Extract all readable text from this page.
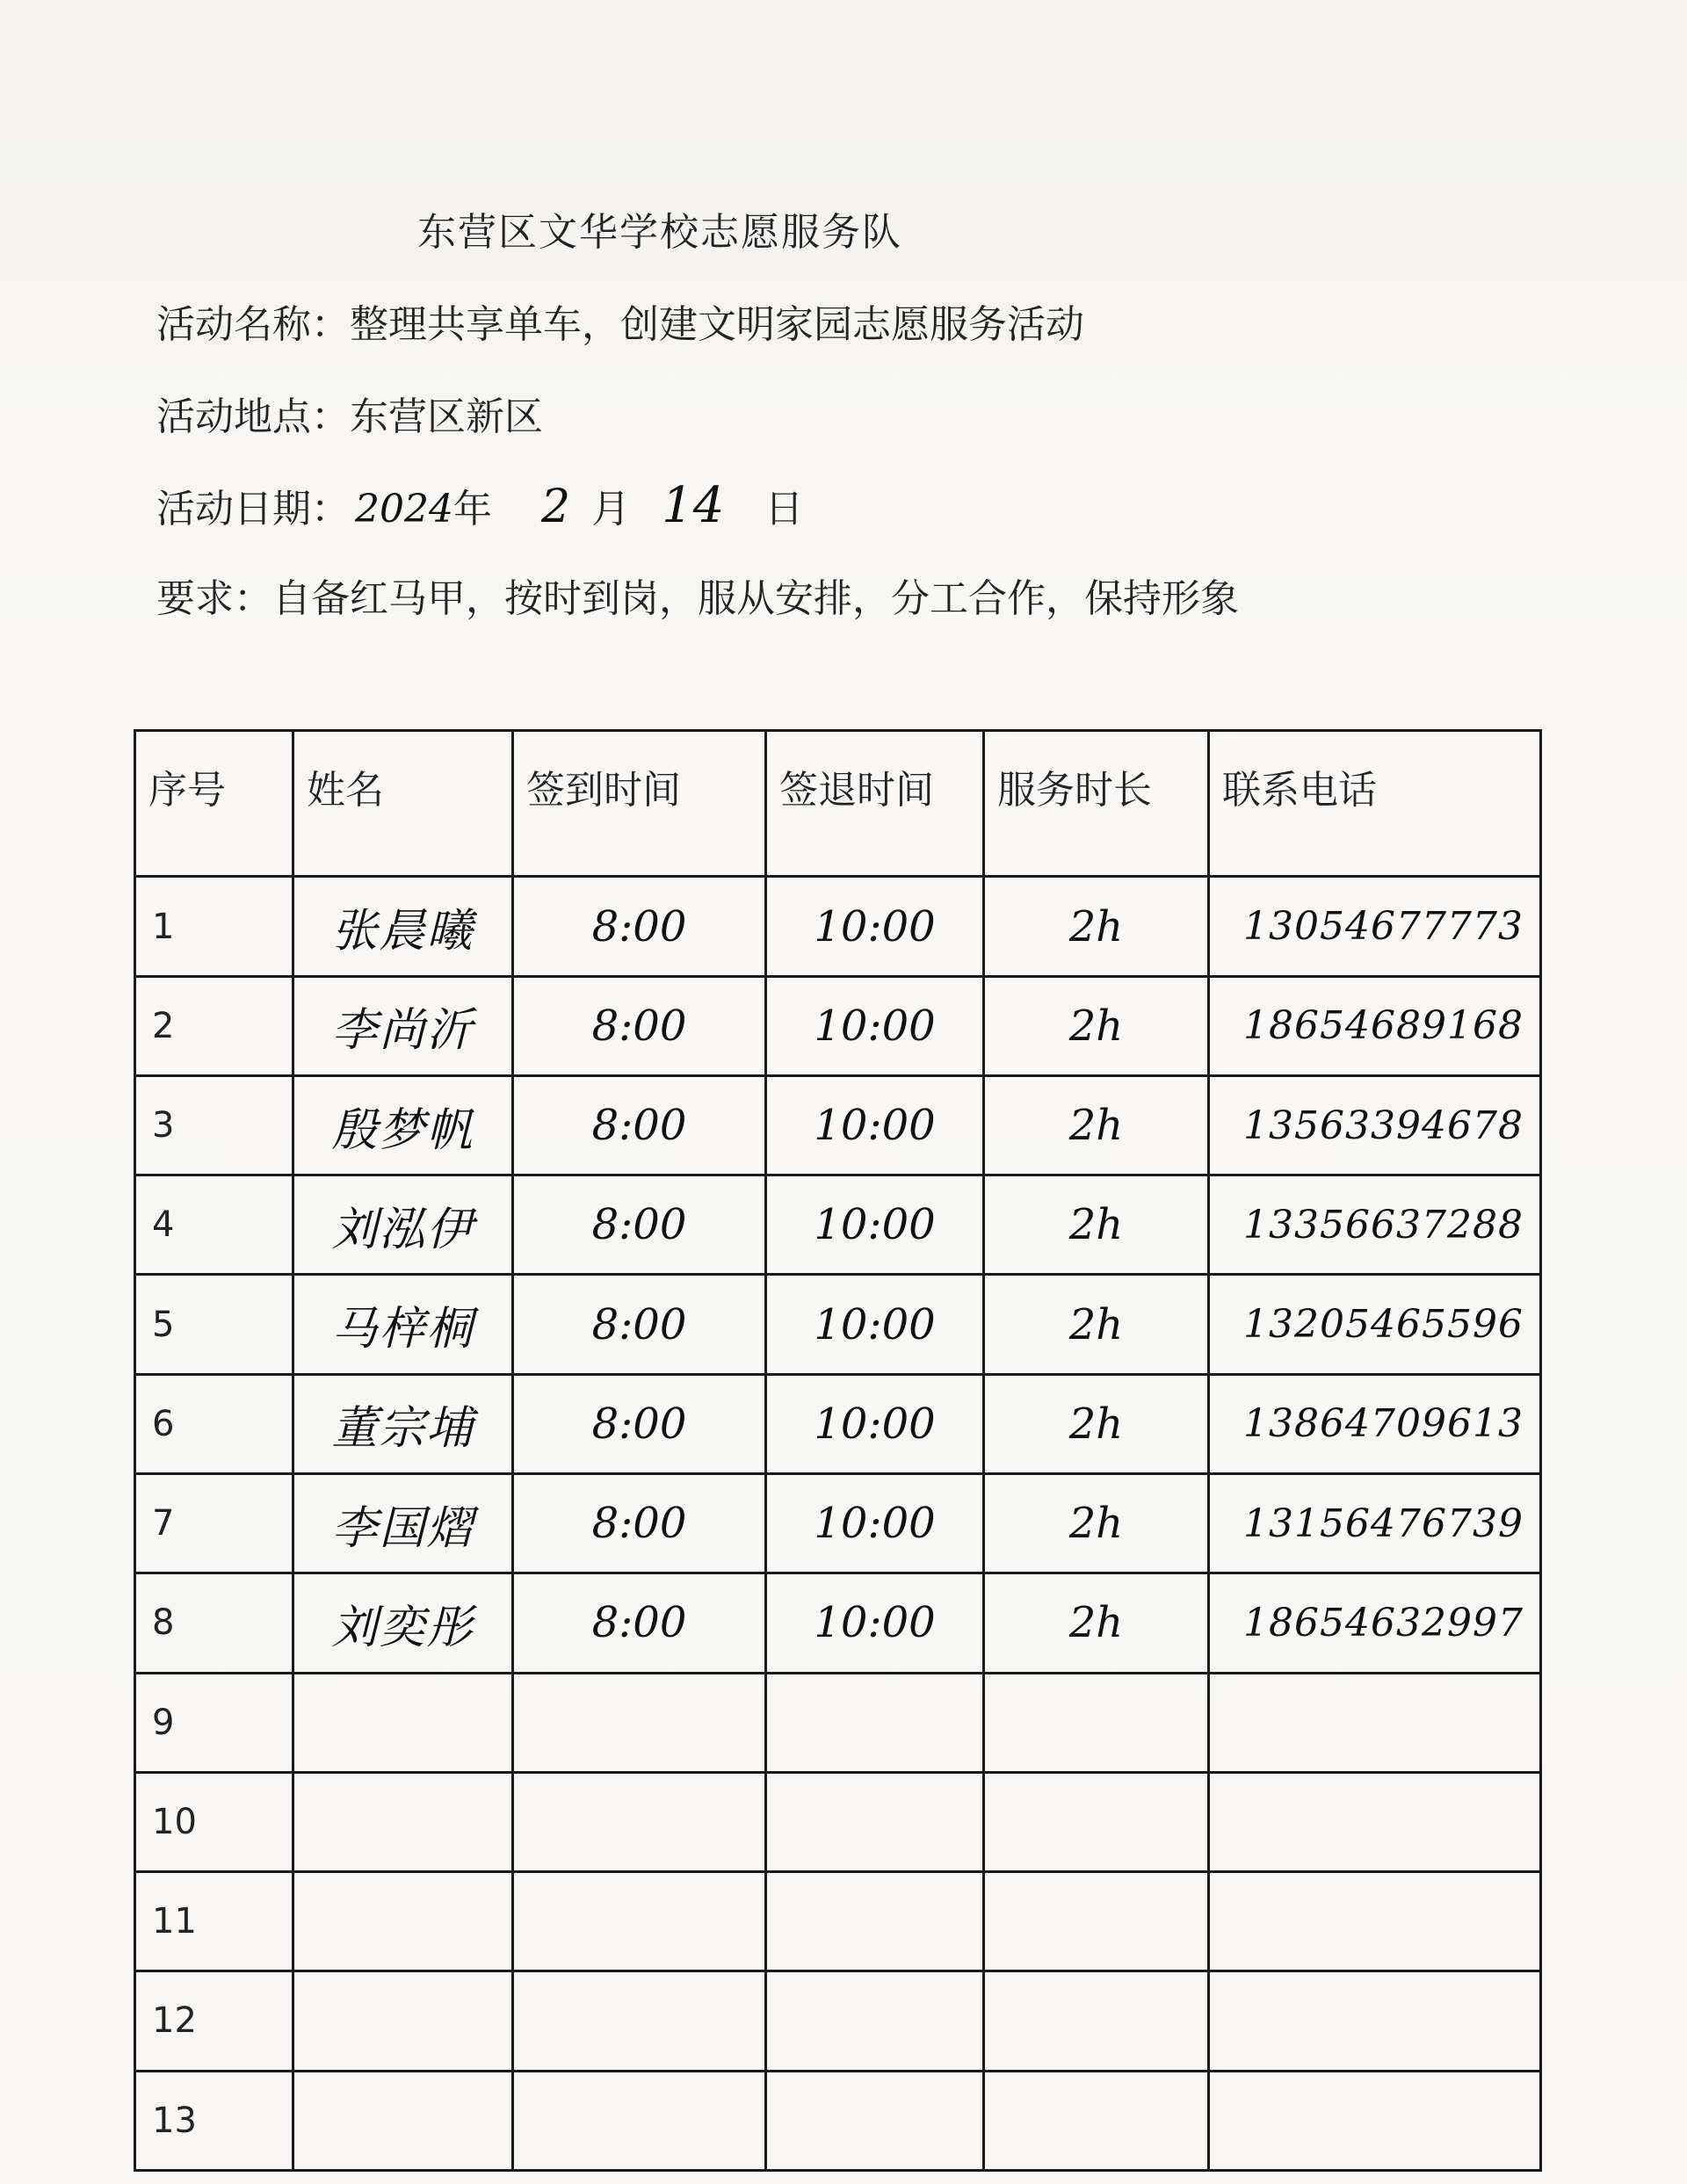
东营区文华学校志愿服务队
活动名称：整理共享单车，创建文明家园志愿服务活动
活动地点：东营区新区
活动日期： 2024年 2 月 14 日
要求：自备红马甲，按时到岗，服从安排，分工合作，保持形象
序号	姓名	签到时间	签退时间	服务时长	联系电话
1	张晨曦	8:00	10:00	2h	13054677773
2	李尚沂	8:00	10:00	2h	18654689168
3	殷梦帆	8:00	10:00	2h	13563394678
4	刘泓伊	8:00	10:00	2h	13356637288
5	马梓桐	8:00	10:00	2h	13205465596
6	董宗埔	8:00	10:00	2h	13864709613
7	李国熠	8:00	10:00	2h	13156476739
8	刘奕彤	8:00	10:00	2h	18654632997
9					
10					
11					
12					
13					
